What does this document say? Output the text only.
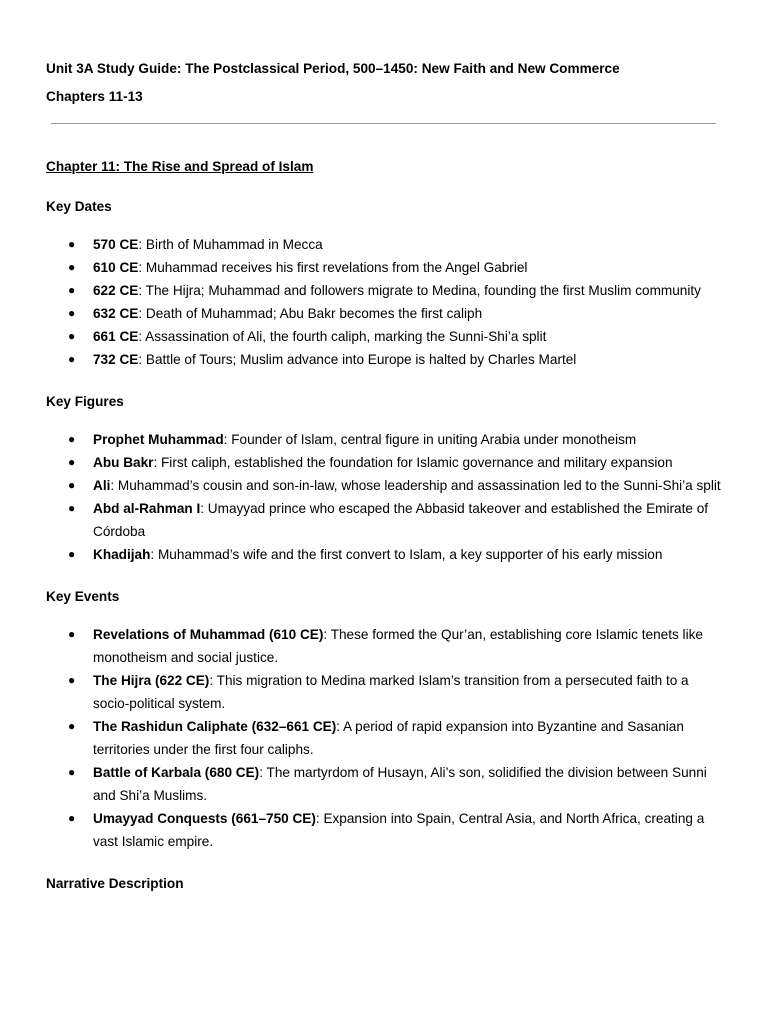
Unit 3A Study Guide: The Postclassical Period, 500–1450: New Faith and New Commerce

Chapters 11-13

Chapter 11: The Rise and Spread of Islam

Key Dates

● 570 CE: Birth of Muhammad in Mecca
● 610 CE: Muhammad receives his first revelations from the Angel Gabriel
● 622 CE: The Hijra; Muhammad and followers migrate to Medina, founding the first Muslim community
● 632 CE: Death of Muhammad; Abu Bakr becomes the first caliph
● 661 CE: Assassination of Ali, the fourth caliph, marking the Sunni-Shi’a split
● 732 CE: Battle of Tours; Muslim advance into Europe is halted by Charles Martel

Key Figures

● Prophet Muhammad: Founder of Islam, central figure in uniting Arabia under monotheism
● Abu Bakr: First caliph, established the foundation for Islamic governance and military expansion
● Ali: Muhammad’s cousin and son-in-law, whose leadership and assassination led to the Sunni-Shi’a split
● Abd al-Rahman I: Umayyad prince who escaped the Abbasid takeover and established the Emirate of Córdoba
● Khadijah: Muhammad’s wife and the first convert to Islam, a key supporter of his early mission

Key Events

● Revelations of Muhammad (610 CE): These formed the Qur’an, establishing core Islamic tenets like monotheism and social justice.
● The Hijra (622 CE): This migration to Medina marked Islam’s transition from a persecuted faith to a socio-political system.
● The Rashidun Caliphate (632–661 CE): A period of rapid expansion into Byzantine and Sasanian territories under the first four caliphs.
● Battle of Karbala (680 CE): The martyrdom of Husayn, Ali’s son, solidified the division between Sunni and Shi’a Muslims.
● Umayyad Conquests (661–750 CE): Expansion into Spain, Central Asia, and North Africa, creating a vast Islamic empire.

Narrative Description
